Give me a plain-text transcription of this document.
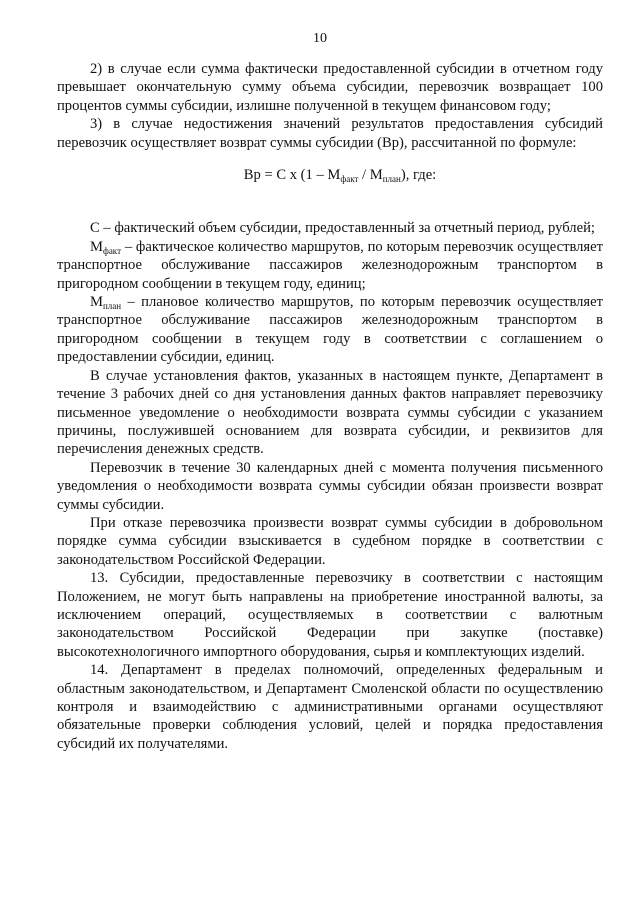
10

2) в случае если сумма фактически предоставленной субсидии в отчетном году превышает окончательную сумму объема субсидии, перевозчик возвращает 100 процентов суммы субсидии, излишне полученной в текущем финансовом году;

3) в случае недостижения значений результатов предоставления субсидий перевозчик осуществляет возврат суммы субсидии (Вр), рассчитанной по формуле:

Вр = С х $(1 - М_{факт} / М_{план})$, где:

С – фактический объем субсидии, предоставленный за отчетный период, рублей;

$М_{факт}$ – фактическое количество маршрутов, по которым перевозчик осуществляет транспортное обслуживание пассажиров железнодорожным транспортом в пригородном сообщении в текущем году, единиц;

$М_{план}$ – плановое количество маршрутов, по которым перевозчик осуществляет транспортное обслуживание пассажиров железнодорожным транспортом в пригородном сообщении в текущем году в соответствии с соглашением о предоставлении субсидии, единиц.

В случае установления фактов, указанных в настоящем пункте, Департамент в течение 3 рабочих дней со дня установления данных фактов направляет перевозчику письменное уведомление о необходимости возврата суммы субсидии с указанием причины, послужившей основанием для возврата субсидии, и реквизитов для перечисления денежных средств.

Перевозчик в течение 30 календарных дней с момента получения письменного уведомления о необходимости возврата суммы субсидии обязан произвести возврат суммы субсидии.

При отказе перевозчика произвести возврат суммы субсидии в добровольном порядке сумма субсидии взыскивается в судебном порядке в соответствии с законодательством Российской Федерации.

13. Субсидии, предоставленные перевозчику в соответствии с настоящим Положением, не могут быть направлены на приобретение иностранной валюты, за исключением операций, осуществляемых в соответствии с валютным законодательством Российской Федерации при закупке (поставке) высокотехнологичного импортного оборудования, сырья и комплектующих изделий.

14. Департамент в пределах полномочий, определенных федеральным и областным законодательством, и Департамент Смоленской области по осуществлению контроля и взаимодействию с административными органами осуществляют обязательные проверки соблюдения условий, целей и порядка предоставления субсидий их получателями.
